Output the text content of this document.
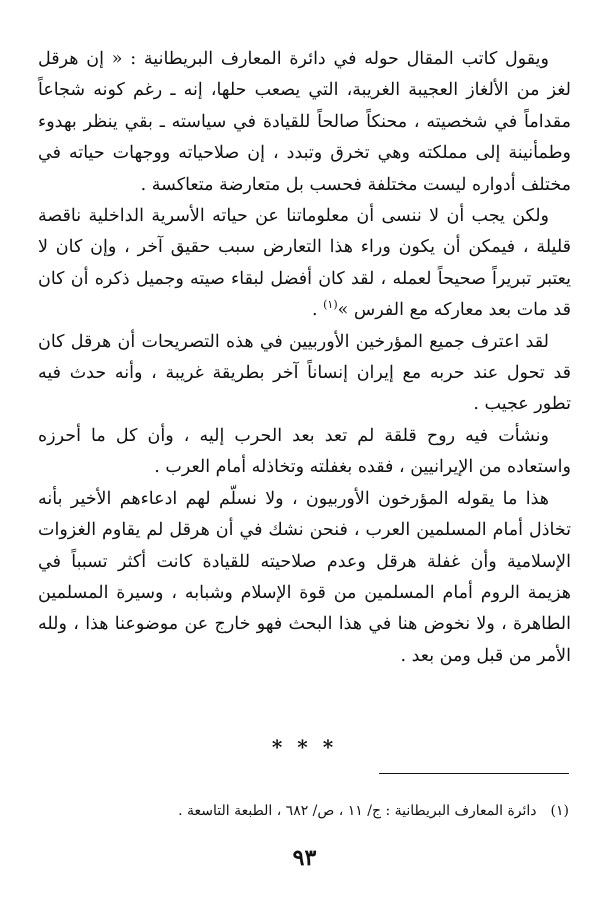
ويقول كاتب المقال حوله في دائرة المعارف البريطانية : « إن هرقل لغز من الألغاز العجيبة الغريبة، التي يصعب حلها، إنه ـ رغم كونه شجاعاً مقداماً في شخصيته ، محنكاً صالحاً للقيادة في سياسته ـ بقي ينظر بهدوء وطمأنينة إلى مملكته وهي تخرق وتبدد ، إن صلاحياته ووجهات حياته في مختلف أدواره ليست مختلفة فحسب بل متعارضة متعاكسة .

ولكن يجب أن لا ننسى أن معلوماتنا عن حياته الأسرية الداخلية ناقصة قليلة ، فيمكن أن يكون وراء هذا التعارض سبب حقيق آخر ، وإن كان لا يعتبر تبريراً صحيحاً لعمله ، لقد كان أفضل لبقاء صيته وجميل ذكره أن كان قد مات بعد معاركه مع الفرس »$^{(١)}$ .

لقد اعترف جميع المؤرخين الأوربيين في هذه التصريحات أن هرقل كان قد تحول عند حربه مع إيران إنساناً آخر بطريقة غريبة ، وأنه حدث فيه تطور عجيب .

ونشأت فيه روح قلقة لم تعد بعد الحرب إليه ، وأن كل ما أحرزه واستعاده من الإيرانيين ، فقده بغفلته وتخاذله أمام العرب .

هذا ما يقوله المؤرخون الأوربيون ، ولا نسلّم لهم ادعاءهم الأخير بأنه تخاذل أمام المسلمين العرب ، فنحن نشك في أن هرقل لم يقاوم الغزوات الإسلامية وأن غفلة هرقل وعدم صلاحيته للقيادة كانت أكثر تسبباً في هزيمة الروم أمام المسلمين من قوة الإسلام وشبابه ، وسيرة المسلمين الطاهرة ، ولا نخوض هنا في هذا البحث فهو خارج عن موضوعنا هذا ، ولله الأمر من قبل ومن بعد .

* * *
(١)دائرة المعارف البريطانية : ج/ ١١ ، ص/ ٦٨٢ ، الطبعة التاسعة .
٩٣
